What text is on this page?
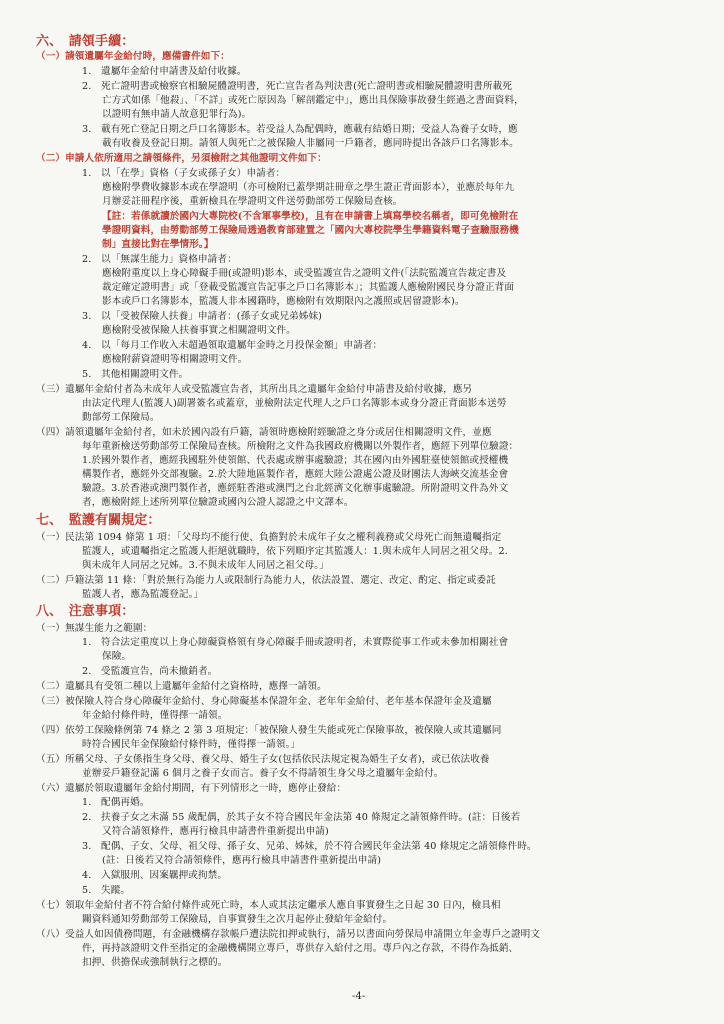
六、　請領手續：
（一）請領遺屬年金給付時，應備書件如下：
1.　遺屬年金給付申請書及給付收據。
2.　死亡證明書或檢察官相驗屍體證明書，死亡宣告者為判決書(死亡證明書或相驗屍體證明書所載死
亡方式如係「他殺」、「不詳」或死亡原因為「解剖鑑定中」，應出具保險事故發生經過之書面資料，
以證明有無申請人故意犯罪行為)。
3.　載有死亡登記日期之戶口名簿影本。若受益人為配偶時，應載有結婚日期；受益人為養子女時，應
載有收養及登記日期。請領人與死亡之被保險人非屬同一戶籍者，應同時提出各該戶口名簿影本。
（二）申請人依所適用之請領條件，另須檢附之其他證明文件如下：
1.　以「在學」資格（子女或孫子女）申請者：
應檢附學費收據影本或在學證明（亦可檢附已蓋學期註冊章之學生證正背面影本），並應於每年九
月辦妥註冊程序後，重新檢具在學證明文件送勞動部勞工保險局查核。
【註：若係就讀於國內大專院校(不含軍事學校)，且有在申請書上填寫學校名稱者，即可免檢附在
學證明資料，由勞動部勞工保險局透過教育部建置之「國內大專校院學生學籍資料電子查驗服務機
制」直接比對在學情形。】
2.　以「無謀生能力」資格申請者：
應檢附重度以上身心障礙手冊(或證明)影本，或受監護宣告之證明文件(「法院監護宣告裁定書及
裁定確定證明書」或「登載受監護宣告記事之戶口名簿影本」；其監護人應檢附國民身分證正背面
影本或戶口名簿影本，監護人非本國籍時，應檢附有效期限內之護照或居留證影本)。
3.　以「受被保險人扶養」申請者：(孫子女或兄弟姊妹)
應檢附受被保險人扶養事實之相關證明文件。
4.　以「每月工作收入未超過領取遺屬年金時之月投保金額」申請者：
應檢附薪資證明等相關證明文件。
5.　其他相關證明文件。
（三）遺屬年金給付者為未成年人或受監護宣告者，其所出具之遺屬年金給付申請書及給付收據，應另
由法定代理人(監護人)副署簽名或蓋章，並檢附法定代理人之戶口名簿影本或身分證正背面影本送勞
動部勞工保險局。
（四）請領遺屬年金給付者，如未於國內設有戶籍，請領時應檢附經驗證之身分或居住相關證明文件，並應
每年重新檢送勞動部勞工保險局查核。所檢附之文件為我國政府機關以外製作者，應經下列單位驗證：
1.於國外製作者，應經我國駐外使領館、代表處或辦事處驗證；其在國內由外國駐臺使領館或授權機
構製作者，應經外交部複驗。2.於大陸地區製作者，應經大陸公證處公證及財團法人海峽交流基金會
驗證。3.於香港或澳門製作者，應經駐香港或澳門之台北經濟文化辦事處驗證。所附證明文件為外文
者，應檢附經上述所列單位驗證或國內公證人認證之中文譯本。
七、　監護有關規定：
（一）民法第 1094 條第 1 項：「父母均不能行使、負擔對於未成年子女之權利義務或父母死亡而無遺囑指定
監護人，或遺囑指定之監護人拒絕就職時，依下列順序定其監護人：1.與未成年人同居之祖父母。2.
與未成年人同居之兄姊。3.不與未成年人同居之祖父母。」
（二）戶籍法第 11 條：「對於無行為能力人或限制行為能力人，依法設置、選定、改定、酌定、指定或委託
監護人者，應為監護登記。」
八、　注意事項：
（一）無謀生能力之範圍：
1.　符合法定重度以上身心障礙資格領有身心障礙手冊或證明者，未實際從事工作或未參加相關社會
保險。
2.　受監護宣告，尚未撤銷者。
（二）遺屬具有受領二種以上遺屬年金給付之資格時，應擇一請領。
（三）被保險人符合身心障礙年金給付、身心障礙基本保證年金、老年年金給付、老年基本保證年金及遺屬
年金給付條件時，僅得擇一請領。
（四）依勞工保險條例第 74 條之 2 第 3 項規定：「被保險人發生失能或死亡保險事故，被保險人或其遺屬同
時符合國民年金保險給付條件時，僅得擇一請領。」
（五）所稱父母、子女係指生身父母、養父母、婚生子女(包括依民法規定視為婚生子女者)，或已依法收養
並辦妥戶籍登記滿 6 個月之養子女而言。養子女不得請領生身父母之遺屬年金給付。
（六）遺屬於領取遺屬年金給付期間，有下列情形之一時，應停止發給：
1.　配偶再婚。
2.　扶養子女之未滿 55 歲配偶，於其子女不符合國民年金法第 40 條規定之請領條件時。(註：日後若
又符合請領條件，應再行檢具申請書件重新提出申請)
3.　配偶、子女、父母、祖父母、孫子女、兄弟、姊妹，於不符合國民年金法第 40 條規定之請領條件時。
(註：日後若又符合請領條件，應再行檢具申請書件重新提出申請)
4.　入獄服刑、因案羈押或拘禁。
5.　失蹤。
（七）領取年金給付者不符合給付條件或死亡時，本人或其法定繼承人應自事實發生之日起 30 日內，檢具相
關資料通知勞動部勞工保險局，自事實發生之次月起停止發給年金給付。
（八）受益人如因債務問題，有金融機構存款帳戶遭法院扣押或執行，請另以書面向勞保局申請開立年金專戶之證明文
件，再持該證明文件至指定的金融機構開立專戶，專供存入給付之用。專戶內之存款，不得作為抵銷、
扣押、供擔保或強制執行之標的。
-4-
